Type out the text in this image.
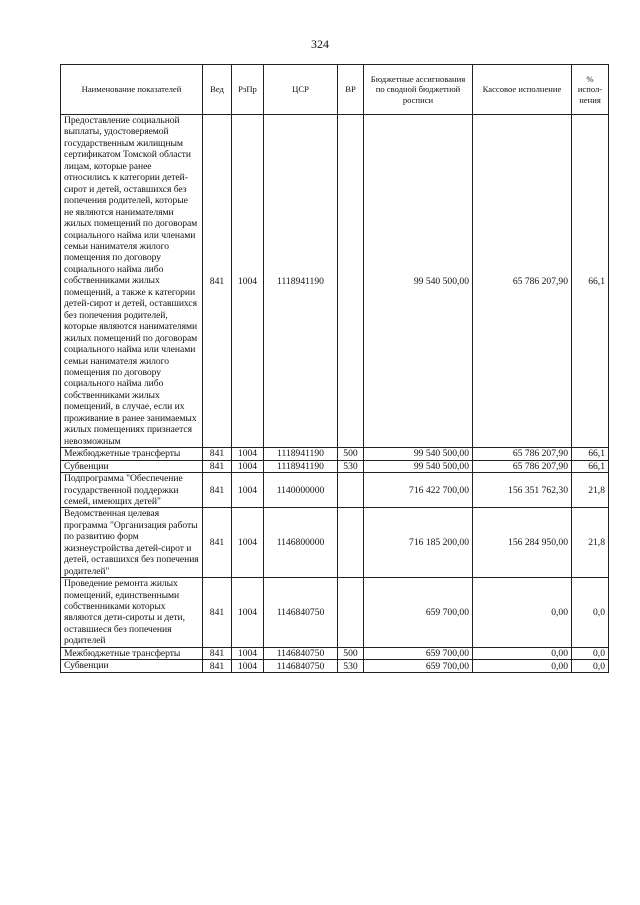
324
Наименование показателей	Вед	РзПр	ЦСР	ВР	Бюджетные ассигнования по сводной бюджетной росписи	Кассовое исполнение	% испол-нения
Предоставление социальной выплаты, удостоверяемой государственным жилищным сертификатом Томской области лицам, которые ранее относились к категории детей-сирот и детей, оставшихся без попечения родителей, которые не являются нанимателями жилых помещений по договорам социального найма или членами семьи нанимателя жилого помещения по договору социального найма либо собственниками жилых помещений, а также к категории детей-сирот и детей, оставшихся без попечения родителей, которые являются нанимателями жилых помещений по договорам социального найма или членами семьи нанимателя жилого помещения по договору социального найма либо собственниками жилых помещений, в случае, если их проживание в ранее занимаемых жилых помещениях признается невозможным	841	1004	1118941190		99 540 500,00	65 786 207,90	66,1
Межбюджетные трансферты	841	1004	1118941190	500	99 540 500,00	65 786 207,90	66,1
Субвенции	841	1004	1118941190	530	99 540 500,00	65 786 207,90	66,1
Подпрограмма "Обеспечение государственной поддержки семей, имеющих детей"	841	1004	1140000000		716 422 700,00	156 351 762,30	21,8
Ведомственная целевая программа "Организация работы по развитию форм жизнеустройства детей-сирот и детей, оставшихся без попечения родителей"	841	1004	1146800000		716 185 200,00	156 284 950,00	21,8
Проведение ремонта жилых помещений, единственными собственниками которых являются дети-сироты и дети, оставшиеся без попечения родителей	841	1004	1146840750		659 700,00	0,00	0,0
Межбюджетные трансферты	841	1004	1146840750	500	659 700,00	0,00	0,0
Субвенции	841	1004	1146840750	530	659 700,00	0,00	0,0
